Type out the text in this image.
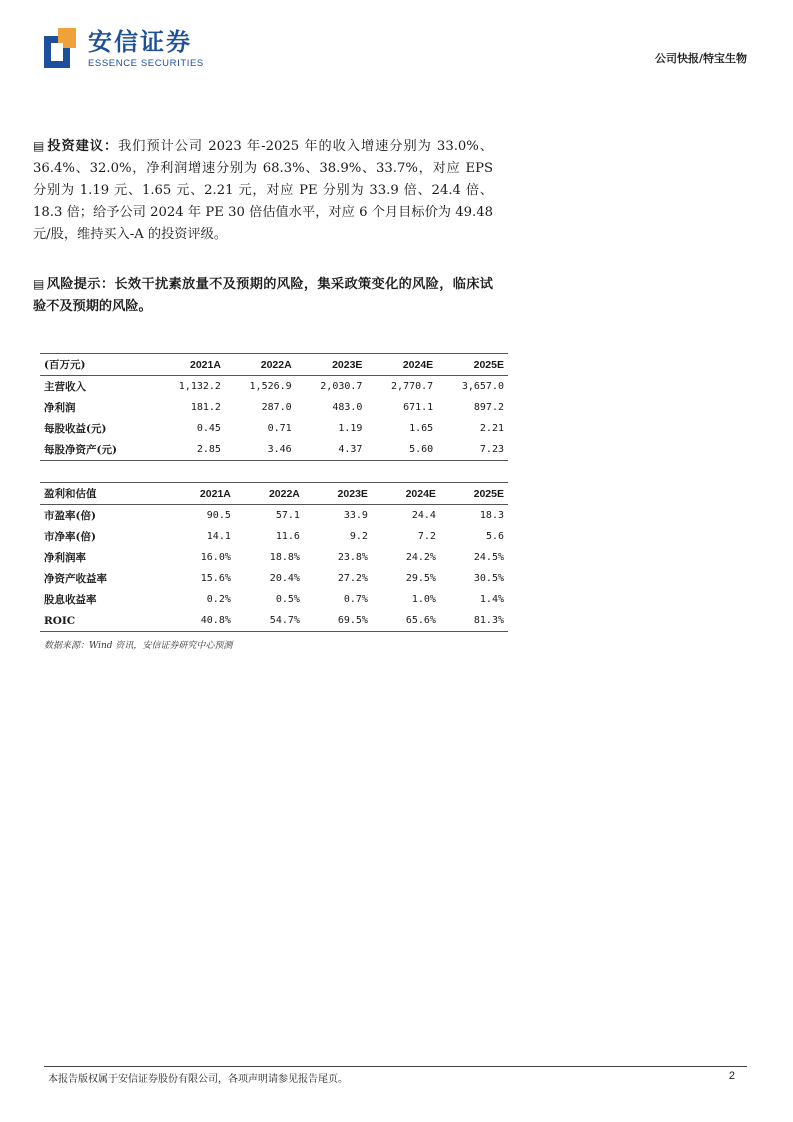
安信证券
ESSENCE SECURITIES	公司快报/特宝生物
▤ 投资建议：我们预计公司 2023 年-2025 年的收入增速分别为 33.0%、36.4%、32.0%，净利润增速分别为 68.3%、38.9%、33.7%，对应 EPS 分别为 1.19 元、1.65 元、2.21 元，对应 PE 分别为 33.9 倍、24.4 倍、18.3 倍；给予公司 2024 年 PE 30 倍估值水平，对应 6 个月目标价为 49.48 元/股，维持买入-A 的投资评级。
▤ 风险提示：长效干扰素放量不及预期的风险，集采政策变化的风险，临床试验不及预期的风险。
(百万元)	2021A	2022A	2023E	2024E	2025E
主营收入	1,132.2	1,526.9	2,030.7	2,770.7	3,657.0
净利润	181.2	287.0	483.0	671.1	897.2
每股收益(元)	0.45	0.71	1.19	1.65	2.21
每股净资产(元)	2.85	3.46	4.37	5.60	7.23
盈利和估值	2021A	2022A	2023E	2024E	2025E
市盈率(倍)	90.5	57.1	33.9	24.4	18.3
市净率(倍)	14.1	11.6	9.2	7.2	5.6
净利润率	16.0%	18.8%	23.8%	24.2%	24.5%
净资产收益率	15.6%	20.4%	27.2%	29.5%	30.5%
股息收益率	0.2%	0.5%	0.7%	1.0%	1.4%
ROIC	40.8%	54.7%	69.5%	65.6%	81.3%
数据来源：Wind 资讯，安信证券研究中心预测
本报告版权属于安信证券股份有限公司，各项声明请参见报告尾页。	2
